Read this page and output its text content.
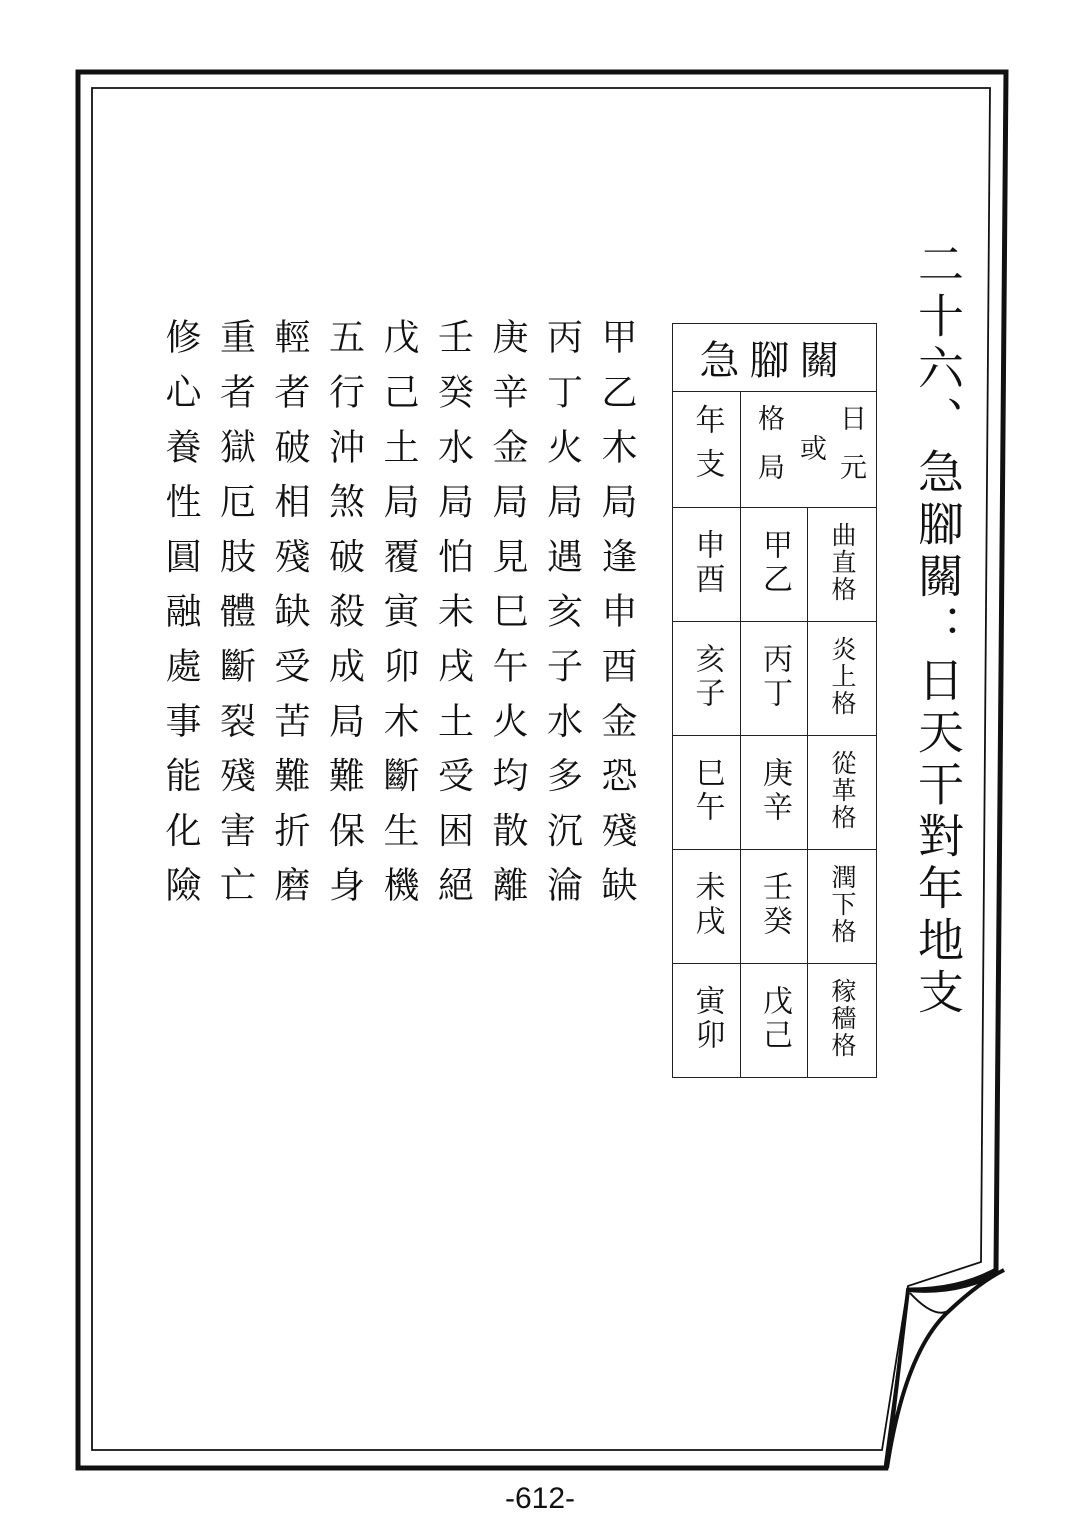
二十六、急腳關：日天干對年地支
急腳關		
年支	格局 或 日元	

申酉	甲乙	曲直格
亥子	丙丁	炎上格
巳午	庚辛	從革格
未戌	壬癸	潤下格
寅卯	戊己	稼穡格
甲乙木局逢申酉金恐殘缺
丙丁火局遇亥子水多沉淪
庚辛金局見巳午火均散離
壬癸水局怕未戌土受困絕
戊己土局覆寅卯木斷生機
五行沖煞破殺成局難保身
輕者破相殘缺受苦難折磨
重者獄厄肢體斷裂殘害亡
修心養性圓融處事能化險
-612-
